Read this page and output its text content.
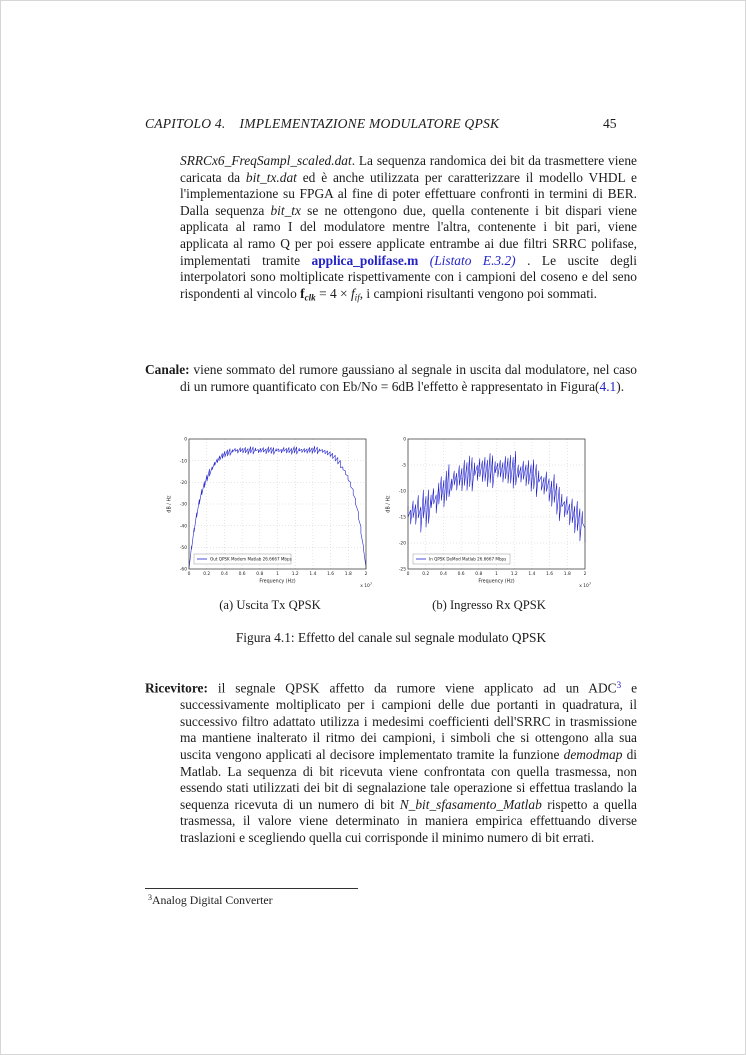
CAPITOLO 4. IMPLEMENTAZIONE MODULATORE QPSK	45
SRRCx6_FreqSampl_scaled.dat. La sequenza randomica dei bit da trasmettere viene caricata da bit_tx.dat ed è anche utilizzata per caratterizzare il modello VHDL e l'implementazione su FPGA al fine di poter effettuare confronti in termini di BER. Dalla sequenza bit_tx se ne ottengono due, quella contenente i bit dispari viene applicata al ramo I del modulatore mentre l'altra, contenente i bit pari, viene applicata al ramo Q per poi essere applicate entrambe ai due filtri SRRC polifase, implementati tramite applica_polifase.m (Listato E.3.2) . Le uscite degli interpolatori sono moltiplicate rispettivamente con i campioni del coseno e del seno rispondenti al vincolo $f_{clk} = 4 \times f_{if}$, i campioni risultanti vengono poi sommati.
Canale: viene sommato del rumore gaussiano al segnale in uscita dal modulatore, nel caso di un rumore quantificato con Eb/No = 6dB l'effetto è rappresentato in Figura(4.1).
0	0.2 0.4 0.6 0.8	1	1.2 1.4 1.6 1.8	2
0
-10
-20
-30
-40
-50
-60
Out QPSK Modem Matlab 26.6667 Mbps
Frequency (Hz)
dB / Hz
x $10^7$
0	0.2 0.4 0.6 0.8	1	1.2 1.4 1.6 1.8	2
0
-5
-10
-15
-20
-25
In QPSK DeMod Matlab 26.6667 Mbps
Frequency (Hz)
dB / Hz
x $10^7$
(a) Uscita Tx QPSK	(b) Ingresso Rx QPSK
Figura 4.1: Effetto del canale sul segnale modulato QPSK
Ricevitore: il segnale QPSK affetto da rumore viene applicato ad un ADC$^3$ e successivamente moltiplicato per i campioni delle due portanti in quadratura, il successivo filtro adattato utilizza i medesimi coefficienti dell'SRRC in trasmissione ma mantiene inalterato il ritmo dei campioni, i simboli che si ottengono alla sua uscita vengono applicati al decisore implementato tramite la funzione demodmap di Matlab. La sequenza di bit ricevuta viene confrontata con quella trasmessa, non essendo stati utilizzati dei bit di segnalazione tale operazione si effettua traslando la sequenza ricevuta di un numero di bit N_bit_sfasamento_Matlab rispetto a quella trasmessa, il valore viene determinato in maniera empirica effettuando diverse traslazioni e scegliendo quella cui corrisponde il minimo numero di bit errati.
$^3$Analog Digital Converter
